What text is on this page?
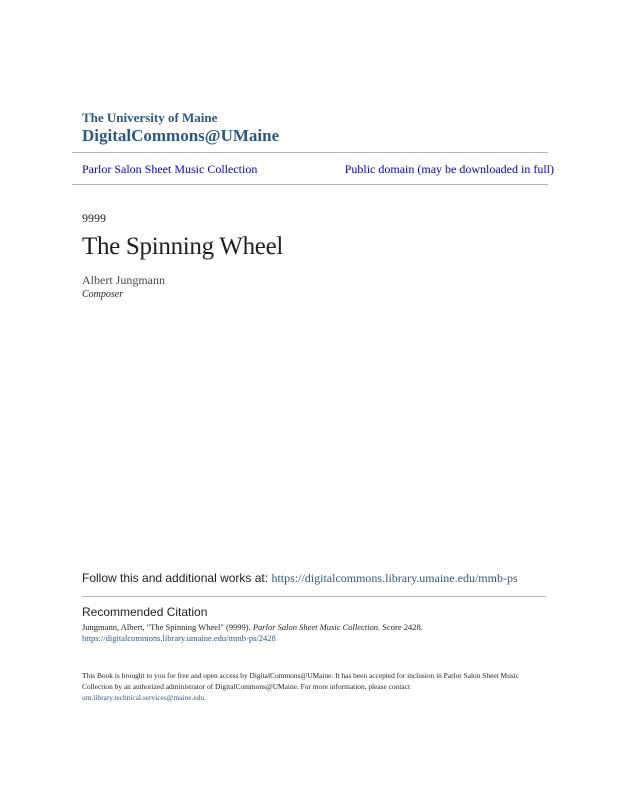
The University of Maine
DigitalCommons@UMaine
Parlor Salon Sheet Music Collection	Public domain (may be downloaded in full)
9999
The Spinning Wheel
Albert Jungmann
Composer
Follow this and additional works at: https://digitalcommons.library.umaine.edu/mmb-ps
Recommended Citation
Jungmann, Albert, "The Spinning Wheel" (9999). Parlor Salon Sheet Music Collection. Score 2428.
https://digitalcommons.library.umaine.edu/mmb-ps/2428
This Book is brought to you for free and open access by DigitalCommons@UMaine. It has been accepted for inclusion in Parlor Salon Sheet Music Collection by an authorized administrator of DigitalCommons@UMaine. For more information, please contact
um.library.technical.services@maine.edu.
